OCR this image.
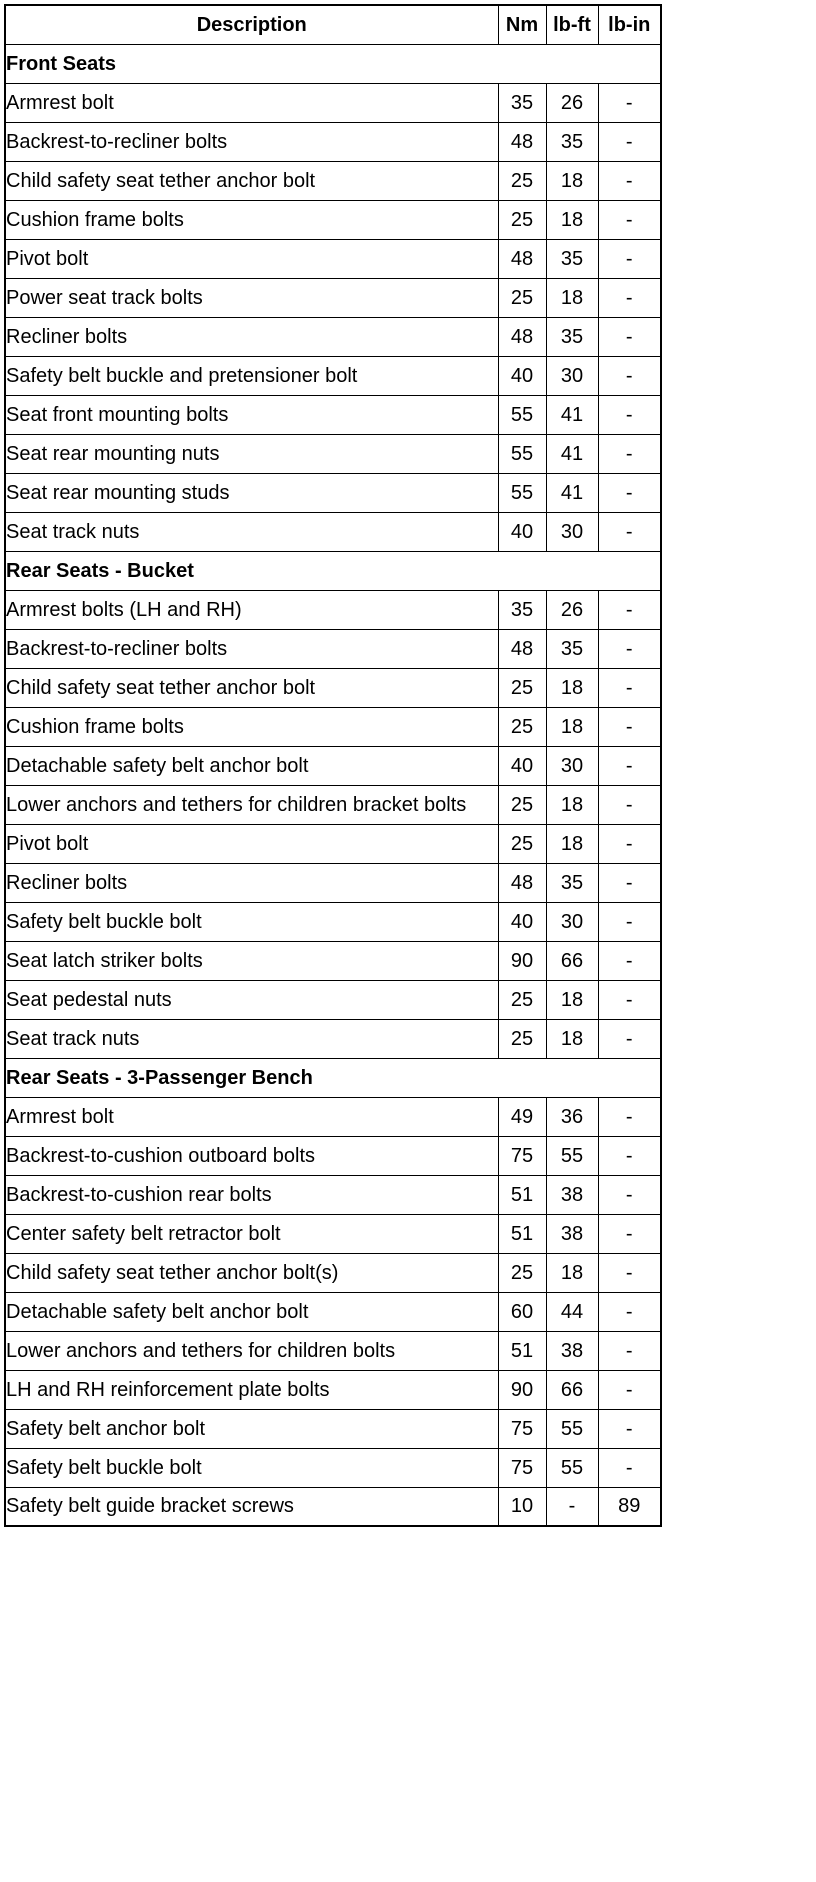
Description	Nm	lb-ft	lb-in
Front Seats			
Armrest bolt	35	26	-
Backrest-to-recliner bolts	48	35	-
Child safety seat tether anchor bolt	25	18	-
Cushion frame bolts	25	18	-
Pivot bolt	48	35	-
Power seat track bolts	25	18	-
Recliner bolts	48	35	-
Safety belt buckle and pretensioner bolt	40	30	-
Seat front mounting bolts	55	41	-
Seat rear mounting nuts	55	41	-
Seat rear mounting studs	55	41	-
Seat track nuts	40	30	-
Rear Seats - Bucket			
Armrest bolts (LH and RH)	35	26	-
Backrest-to-recliner bolts	48	35	-
Child safety seat tether anchor bolt	25	18	-
Cushion frame bolts	25	18	-
Detachable safety belt anchor bolt	40	30	-
Lower anchors and tethers for children bracket bolts	25	18	-
Pivot bolt	25	18	-
Recliner bolts	48	35	-
Safety belt buckle bolt	40	30	-
Seat latch striker bolts	90	66	-
Seat pedestal nuts	25	18	-
Seat track nuts	25	18	-
Rear Seats - 3-Passenger Bench			
Armrest bolt	49	36	-
Backrest-to-cushion outboard bolts	75	55	-
Backrest-to-cushion rear bolts	51	38	-
Center safety belt retractor bolt	51	38	-
Child safety seat tether anchor bolt(s)	25	18	-
Detachable safety belt anchor bolt	60	44	-
Lower anchors and tethers for children bolts	51	38	-
LH and RH reinforcement plate bolts	90	66	-
Safety belt anchor bolt	75	55	-
Safety belt buckle bolt	75	55	-
Safety belt guide bracket screws	10	-	89
